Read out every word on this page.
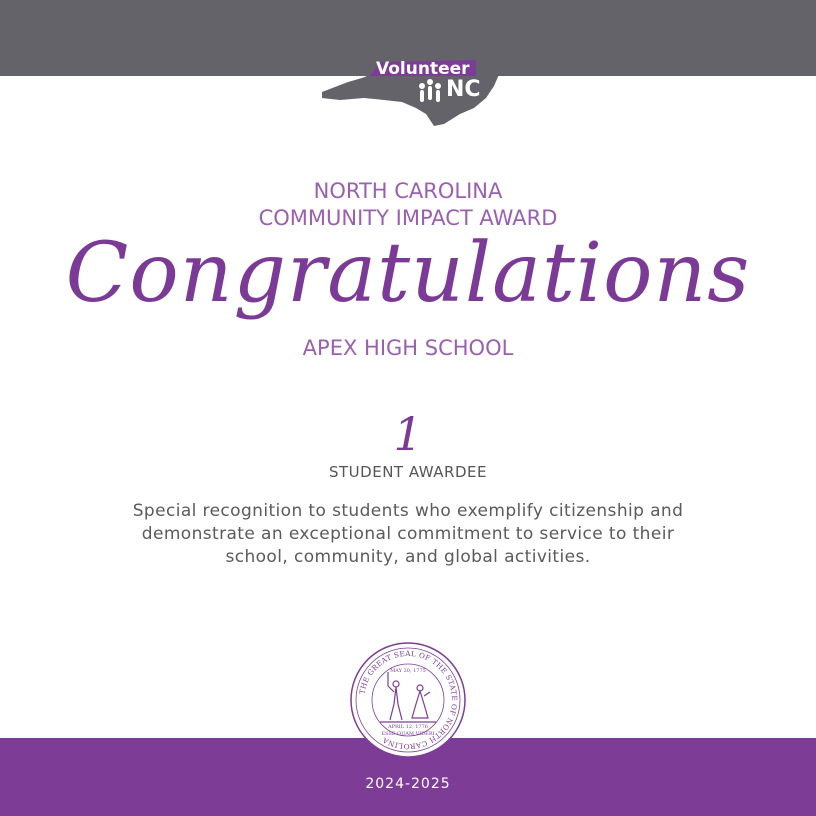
Volunteer
NC
NORTH CAROLINA
COMMUNITY IMPACT AWARD
Congratulations
APEX HIGH SCHOOL
1
STUDENT AWARDEE
Special recognition to students who exemplify citizenship and demonstrate an exceptional commitment to service to their school, community, and global activities.
2024-2025
THE GREAT SEAL OF THE STATE OF NORTH CAROLINA
MAY 20, 1775
APRIL 12, 1776
ESSE QUAM VIDERI
